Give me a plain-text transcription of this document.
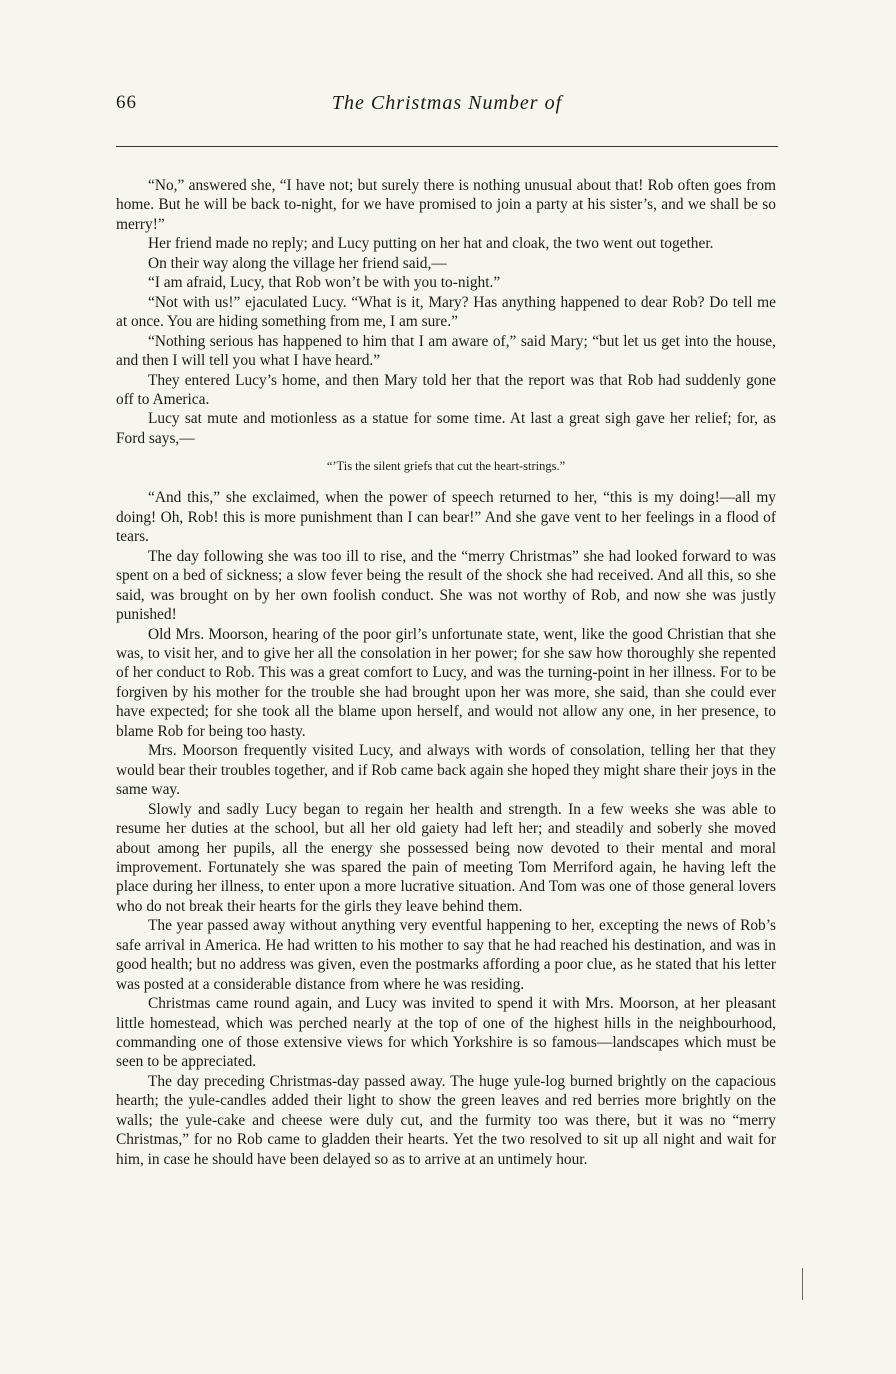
66	The Christmas Number of

“No,” answered she, “I have not; but surely there is nothing unusual about that! Rob often goes from home. But he will be back to-night, for we have promised to join a party at his sister’s, and we shall be so merry!”

Her friend made no reply; and Lucy putting on her hat and cloak, the two went out together.

On their way along the village her friend said,—

“I am afraid, Lucy, that Rob won’t be with you to-night.”

“Not with us!” ejaculated Lucy. “What is it, Mary? Has anything happened to dear Rob? Do tell me at once. You are hiding something from me, I am sure.”

“Nothing serious has happened to him that I am aware of,” said Mary; “but let us get into the house, and then I will tell you what I have heard.”

They entered Lucy’s home, and then Mary told her that the report was that Rob had suddenly gone off to America.

Lucy sat mute and motionless as a statue for some time. At last a great sigh gave her relief; for, as Ford says,—

“’Tis the silent griefs that cut the heart-strings.”

“And this,” she exclaimed, when the power of speech returned to her, “this is my doing!—all my doing! Oh, Rob! this is more punishment than I can bear!” And she gave vent to her feelings in a flood of tears.

The day following she was too ill to rise, and the “merry Christmas” she had looked forward to was spent on a bed of sickness; a slow fever being the result of the shock she had received. And all this, so she said, was brought on by her own foolish conduct. She was not worthy of Rob, and now she was justly punished!

Old Mrs. Moorson, hearing of the poor girl’s unfortunate state, went, like the good Christian that she was, to visit her, and to give her all the consolation in her power; for she saw how thoroughly she repented of her conduct to Rob. This was a great comfort to Lucy, and was the turning-point in her illness. For to be forgiven by his mother for the trouble she had brought upon her was more, she said, than she could ever have expected; for she took all the blame upon herself, and would not allow any one, in her presence, to blame Rob for being too hasty.

Mrs. Moorson frequently visited Lucy, and always with words of consolation, telling her that they would bear their troubles together, and if Rob came back again she hoped they might share their joys in the same way.

Slowly and sadly Lucy began to regain her health and strength. In a few weeks she was able to resume her duties at the school, but all her old gaiety had left her; and steadily and soberly she moved about among her pupils, all the energy she possessed being now devoted to their mental and moral improvement. Fortunately she was spared the pain of meeting Tom Merriford again, he having left the place during her illness, to enter upon a more lucrative situation. And Tom was one of those general lovers who do not break their hearts for the girls they leave behind them.

The year passed away without anything very eventful happening to her, excepting the news of Rob’s safe arrival in America. He had written to his mother to say that he had reached his destination, and was in good health; but no address was given, even the postmarks affording a poor clue, as he stated that his letter was posted at a considerable distance from where he was residing.

Christmas came round again, and Lucy was invited to spend it with Mrs. Moorson, at her pleasant little homestead, which was perched nearly at the top of one of the highest hills in the neighbourhood, commanding one of those extensive views for which Yorkshire is so famous—landscapes which must be seen to be appreciated.

The day preceding Christmas-day passed away. The huge yule-log burned brightly on the capacious hearth; the yule-candles added their light to show the green leaves and red berries more brightly on the walls; the yule-cake and cheese were duly cut, and the furmity too was there, but it was no “merry Christmas,” for no Rob came to gladden their hearts. Yet the two resolved to sit up all night and wait for him, in case he should have been delayed so as to arrive at an untimely hour.
